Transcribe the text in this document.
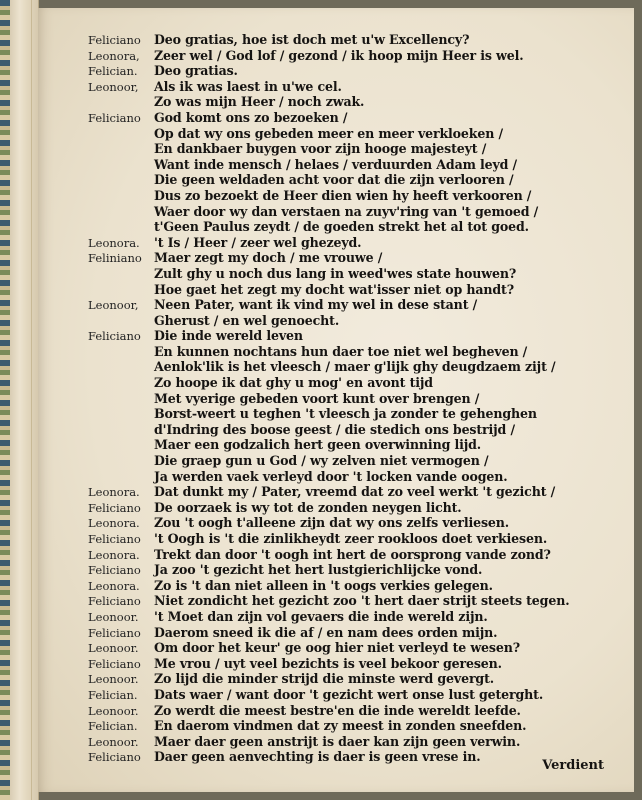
Feliciano	Deo gratias, hoe ist doch met u'w Excellency?
Leonora,	Zeer wel / God lof / gezond / ik hoop mijn Heer is wel.
Felician.	Deo gratias.
Leonoor,	Als ik was laest in u'we cel.
Zo was mijn Heer / noch zwak.
Feliciano	God komt ons zo bezoeken /
Op dat wy ons gebeden meer en meer verkloeken /
En dankbaer buygen voor zijn hooge majesteyt /
Want inde mensch / helaes / verduurden Adam leyd /
Die geen weldaden acht voor dat die zijn verlooren /
Dus zo bezoekt de Heer dien wien hy heeft verkooren /
Waer door wy dan verstaen na zuyv'ring van 't gemoed /
t'Geen Paulus zeydt / de goeden strekt het al tot goed.
Leonora.	't Is / Heer / zeer wel ghezeyd.
Feliniano Maer zegt my doch / me vrouwe /
Zult ghy u noch dus lang in weed'wes state houwen?
Hoe gaet het zegt my docht wat'isser niet op handt?
Leonoor,	Neen Pater, want ik vind my wel in dese stant /
Gherust / en wel genoecht.
Feliciano	Die inde wereld leven
En kunnen nochtans hun daer toe niet wel begheven /
Aenlok'lik is het vleesch / maer g'lijk ghy deugdzaem zijt /
Zo hoope ik dat ghy u mog' en avont tijd
Met vyerige gebeden voort kunt over brengen /
Borst-weert u teghen 't vleesch ja zonder te gehenghen
d'Indring des boose geest / die stedich ons bestrijd /
Maer een godzalich hert geen overwinning lijd.
Die graep gun u God / wy zelven niet vermogen /
Ja werden vaek verleyd door 't locken vande oogen.
Leonora.	Dat dunkt my / Pater, vreemd dat zo veel werkt 't gezicht /
Feliciano	De oorzaek is wy tot de zonden neygen licht.
Leonora.	Zou 't oogh t'alleene zijn dat wy ons zelfs verliesen.
Feliciano	't Oogh is 't die zinlikheydt zeer rookloos doet verkiesen.
Leonora.	Trekt dan door 't oogh int hert de oorsprong vande zond?
Feliciano	Ja zoo 't gezicht het hert lustgierichlijcke vond.
Leonora.	Zo is 't dan niet alleen in 't oogs verkies gelegen.
Feliciano	Niet zondicht het gezicht zoo 't hert daer strijt steets tegen.
Leonoor.	't Moet dan zijn vol gevaers die inde wereld zijn.
Feliciano	Daerom sneed ik die af / en nam dees orden mijn.
Leonoor.	Om door het keur' ge oog hier niet verleyd te wesen?
Feliciano	Me vrou / uyt veel bezichts is veel bekoor geresen.
Leonoor.	Zo lijd die minder strijd die minste werd gevergt.
Felician.	Dats waer / want door 't gezicht wert onse lust geterght.
Leonoor.	Zo werdt die meest bestre'en die inde wereldt leefde.
Felician.	En daerom vindmen dat zy meest in zonden sneefden.
Leonoor.	Maer daer geen anstrijt is daer kan zijn geen verwin.
Feliciano	Daer geen aenvechting is daer is geen vrese in.
Verdient
